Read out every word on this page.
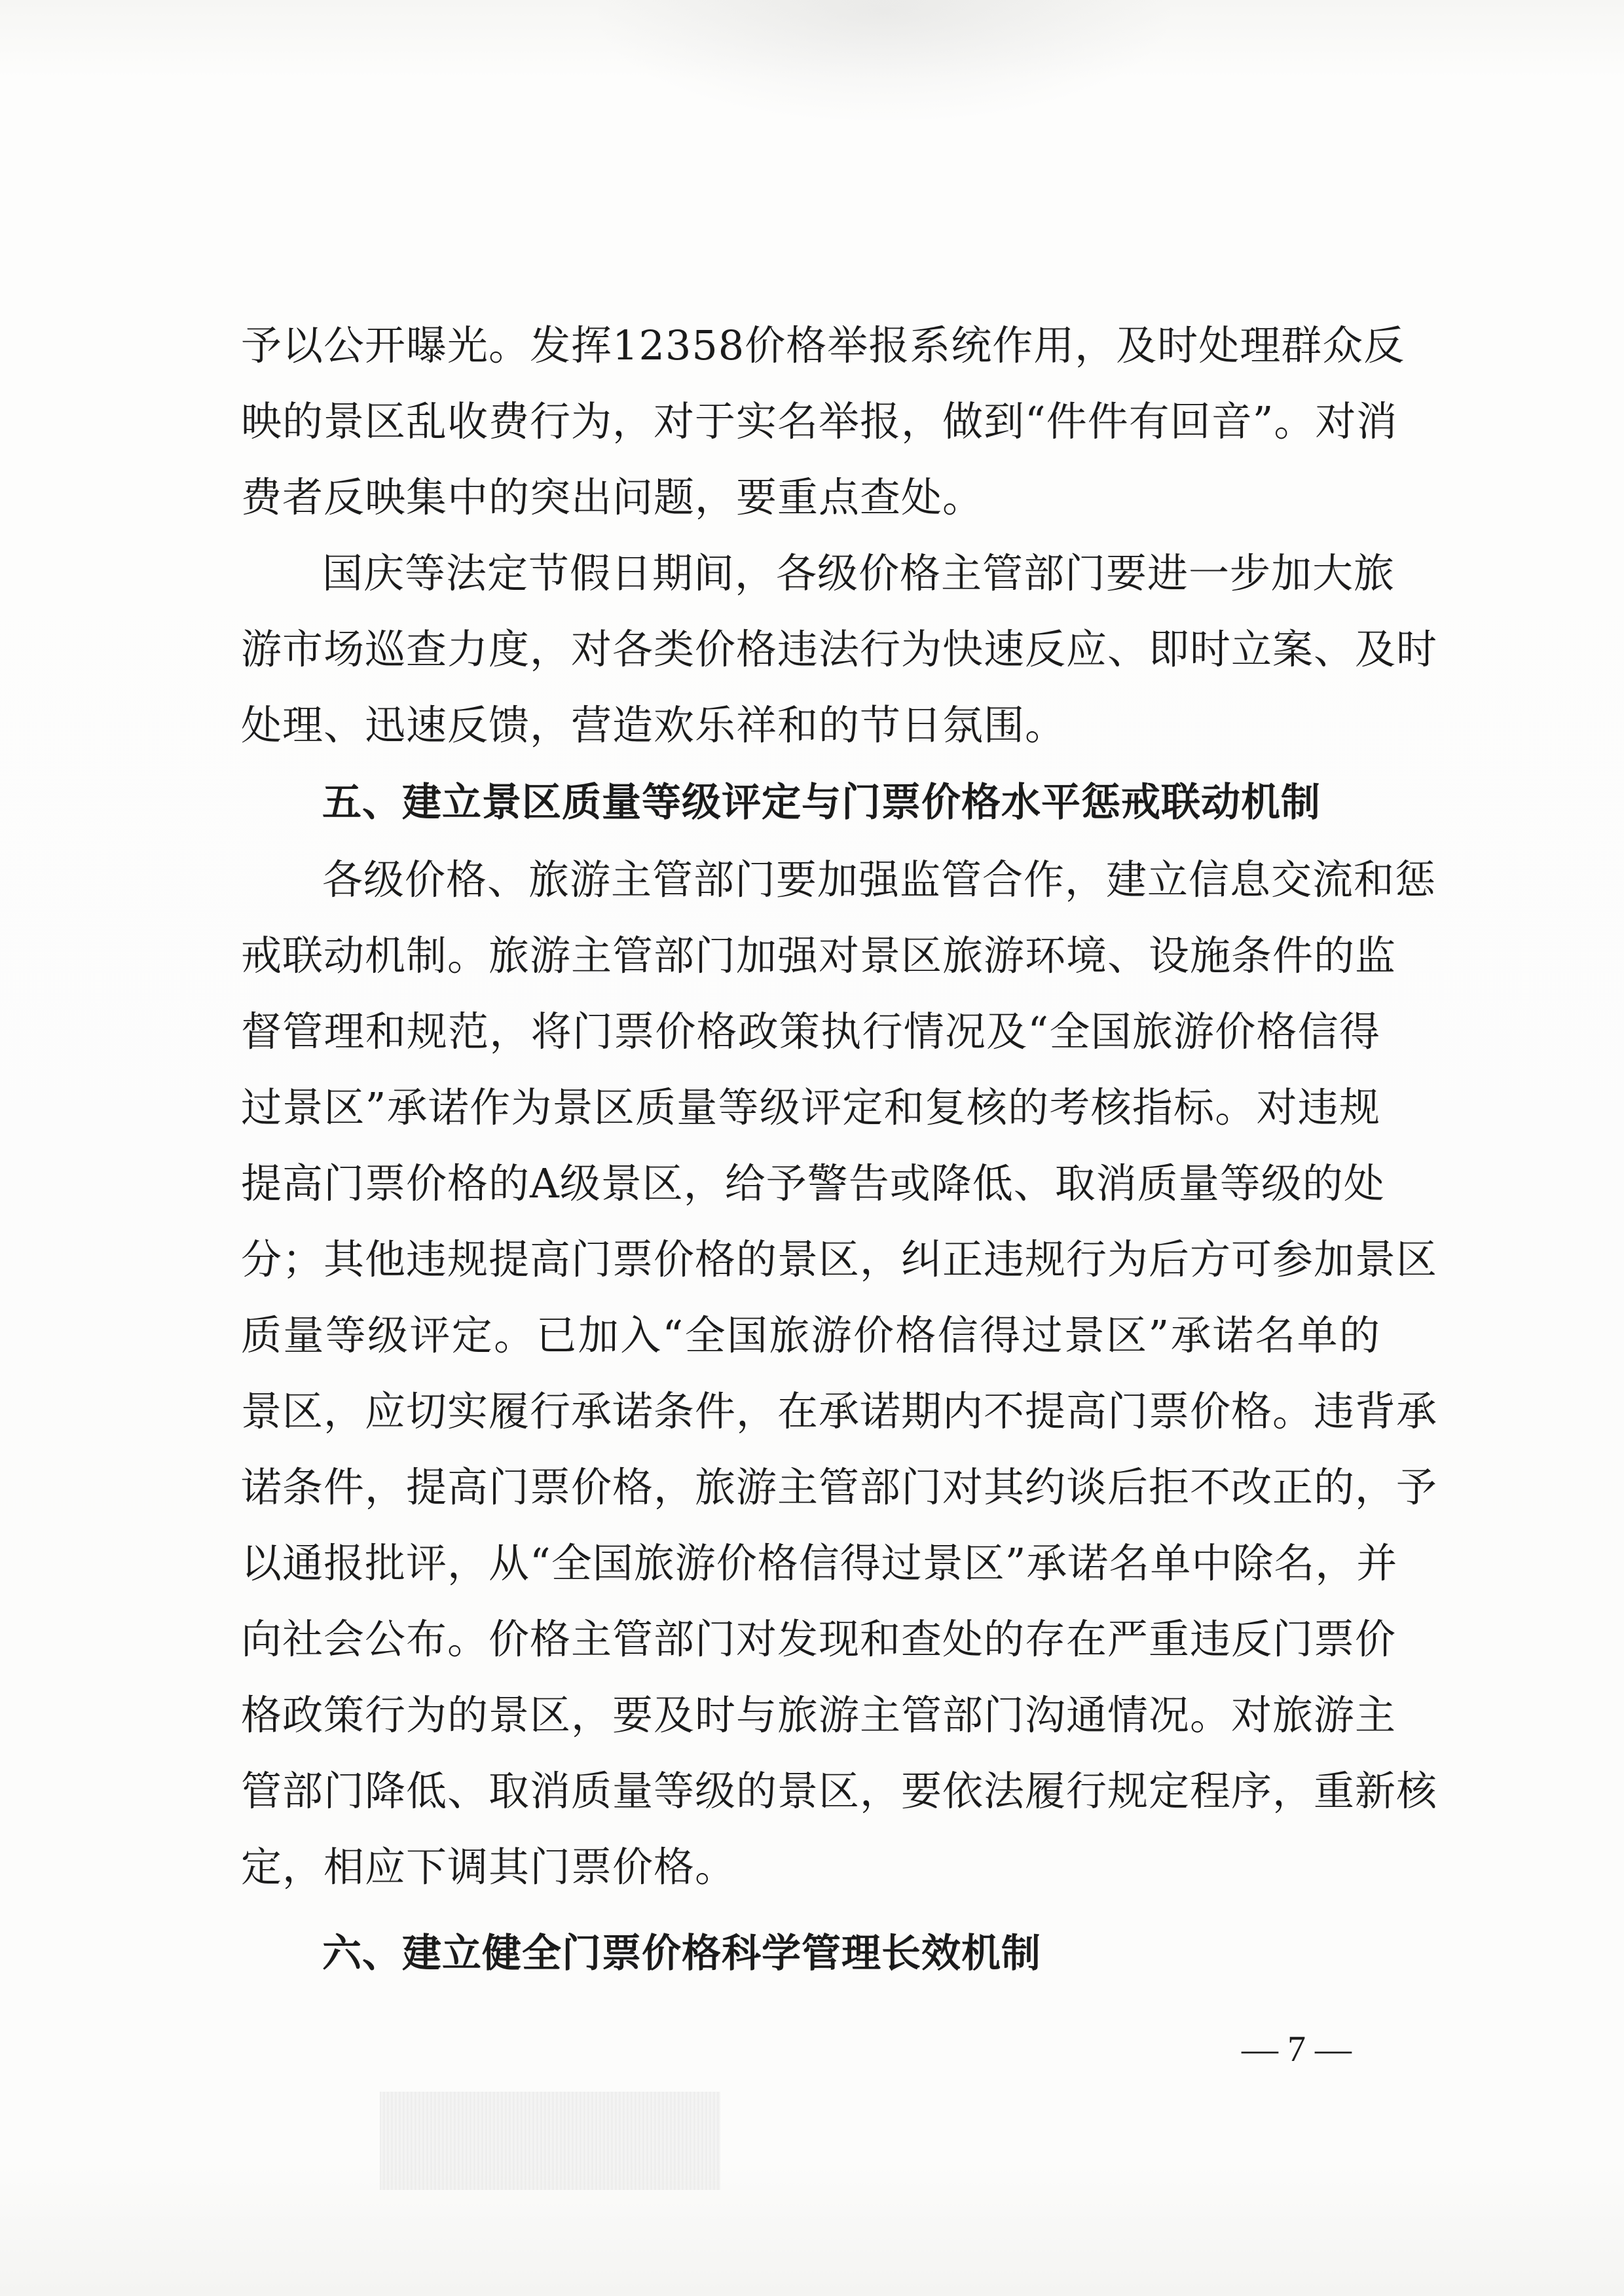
予以公开曝光。发挥12358价格举报系统作用，及时处理群众反
映的景区乱收费行为，对于实名举报，做到“件件有回音”。对消
费者反映集中的突出问题，要重点查处。
国庆等法定节假日期间，各级价格主管部门要进一步加大旅
游市场巡查力度，对各类价格违法行为快速反应、即时立案、及时
处理、迅速反馈，营造欢乐祥和的节日氛围。
五、建立景区质量等级评定与门票价格水平惩戒联动机制
各级价格、旅游主管部门要加强监管合作，建立信息交流和惩
戒联动机制。旅游主管部门加强对景区旅游环境、设施条件的监
督管理和规范，将门票价格政策执行情况及“全国旅游价格信得
过景区”承诺作为景区质量等级评定和复核的考核指标。对违规
提高门票价格的A级景区，给予警告或降低、取消质量等级的处
分；其他违规提高门票价格的景区，纠正违规行为后方可参加景区
质量等级评定。已加入“全国旅游价格信得过景区”承诺名单的
景区，应切实履行承诺条件，在承诺期内不提高门票价格。违背承
诺条件，提高门票价格，旅游主管部门对其约谈后拒不改正的，予
以通报批评，从“全国旅游价格信得过景区”承诺名单中除名，并
向社会公布。价格主管部门对发现和查处的存在严重违反门票价
格政策行为的景区，要及时与旅游主管部门沟通情况。对旅游主
管部门降低、取消质量等级的景区，要依法履行规定程序，重新核
定，相应下调其门票价格。
六、建立健全门票价格科学管理长效机制
— 7 —
